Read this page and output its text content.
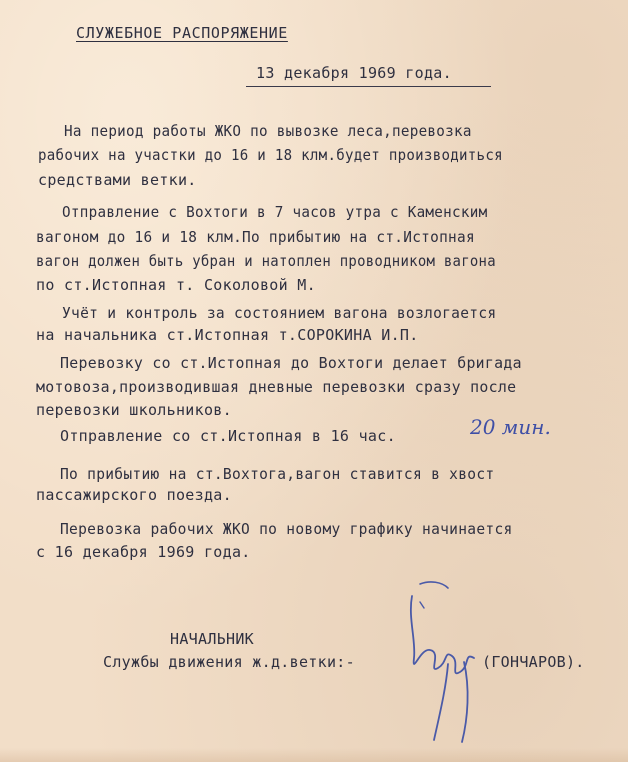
СЛУЖЕБНОЕ РАСПОРЯЖЕНИЕ
13 декабря 1969 года.
На период работы ЖКО по вывозке леса,перевозка
рабочих на участки до 16 и 18 клм.будет производиться
средствами ветки.
Отправление с Вохтоги в 7 часов утра с Каменским
вагоном до 16 и 18 клм.По прибытию на ст.Истопная
вагон должен быть убран и натоплен проводником вагона
по ст.Истопная т. Соколовой М.
Учёт и контроль за состоянием вагона возлогается
на начальника ст.Истопная т.СОРОКИНА И.П.
Перевозку со ст.Истопная до Вохтоги делает бригада
мотовоза,производившая дневные перевозки сразу после
перевозки школьников.
Отправление со ст.Истопная в 16 час.	20 мин.
По прибытию на ст.Вохтога,вагон ставится в хвост
пассажирского поезда.
Перевозка рабочих ЖКО по новому графику начинается
с 16 декабря 1969 года.
НАЧАЛЬНИК
Службы движения ж.д.ветки:-	(ГОНЧАРОВ).
